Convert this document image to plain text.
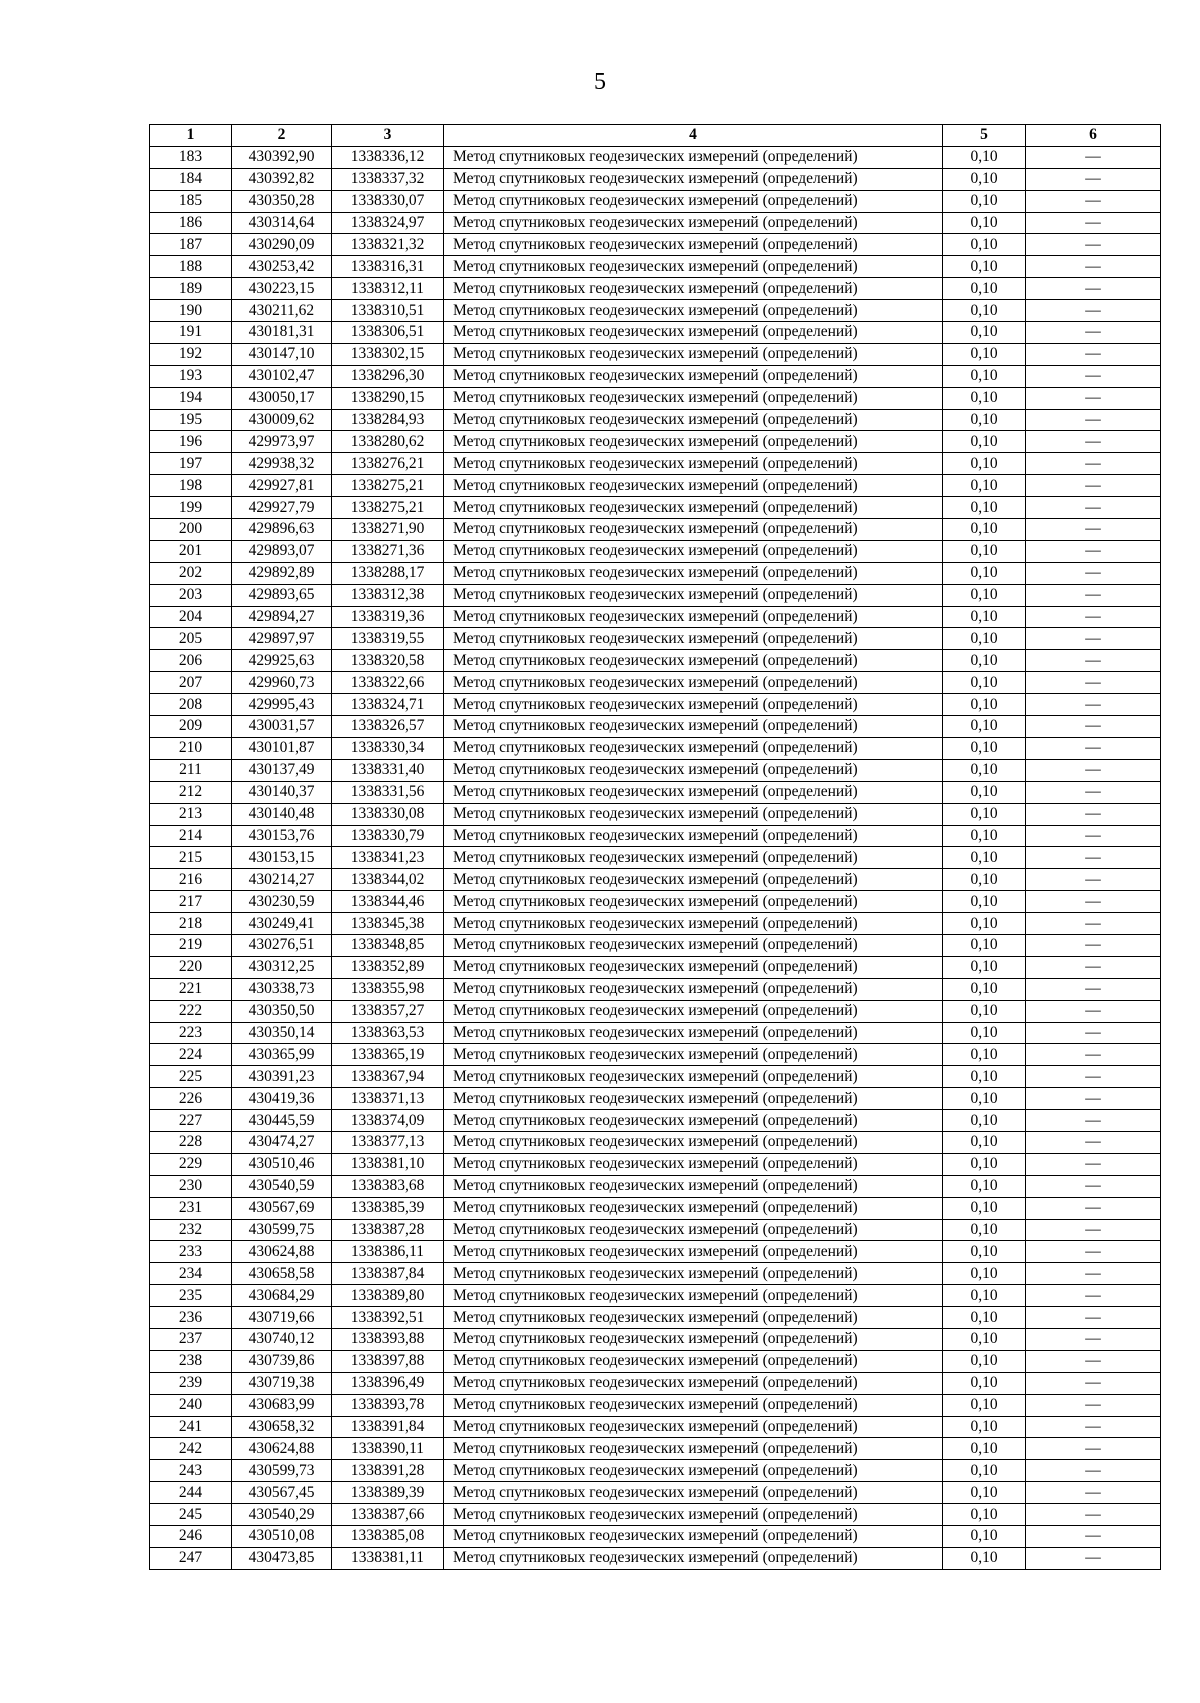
5
1	2	3	4	5	6
183	430392,90	1338336,12	Метод спутниковых геодезических измерений (определений)	0,10	—
184	430392,82	1338337,32	Метод спутниковых геодезических измерений (определений)	0,10	—
185	430350,28	1338330,07	Метод спутниковых геодезических измерений (определений)	0,10	—
186	430314,64	1338324,97	Метод спутниковых геодезических измерений (определений)	0,10	—
187	430290,09	1338321,32	Метод спутниковых геодезических измерений (определений)	0,10	—
188	430253,42	1338316,31	Метод спутниковых геодезических измерений (определений)	0,10	—
189	430223,15	1338312,11	Метод спутниковых геодезических измерений (определений)	0,10	—
190	430211,62	1338310,51	Метод спутниковых геодезических измерений (определений)	0,10	—
191	430181,31	1338306,51	Метод спутниковых геодезических измерений (определений)	0,10	—
192	430147,10	1338302,15	Метод спутниковых геодезических измерений (определений)	0,10	—
193	430102,47	1338296,30	Метод спутниковых геодезических измерений (определений)	0,10	—
194	430050,17	1338290,15	Метод спутниковых геодезических измерений (определений)	0,10	—
195	430009,62	1338284,93	Метод спутниковых геодезических измерений (определений)	0,10	—
196	429973,97	1338280,62	Метод спутниковых геодезических измерений (определений)	0,10	—
197	429938,32	1338276,21	Метод спутниковых геодезических измерений (определений)	0,10	—
198	429927,81	1338275,21	Метод спутниковых геодезических измерений (определений)	0,10	—
199	429927,79	1338275,21	Метод спутниковых геодезических измерений (определений)	0,10	—
200	429896,63	1338271,90	Метод спутниковых геодезических измерений (определений)	0,10	—
201	429893,07	1338271,36	Метод спутниковых геодезических измерений (определений)	0,10	—
202	429892,89	1338288,17	Метод спутниковых геодезических измерений (определений)	0,10	—
203	429893,65	1338312,38	Метод спутниковых геодезических измерений (определений)	0,10	—
204	429894,27	1338319,36	Метод спутниковых геодезических измерений (определений)	0,10	—
205	429897,97	1338319,55	Метод спутниковых геодезических измерений (определений)	0,10	—
206	429925,63	1338320,58	Метод спутниковых геодезических измерений (определений)	0,10	—
207	429960,73	1338322,66	Метод спутниковых геодезических измерений (определений)	0,10	—
208	429995,43	1338324,71	Метод спутниковых геодезических измерений (определений)	0,10	—
209	430031,57	1338326,57	Метод спутниковых геодезических измерений (определений)	0,10	—
210	430101,87	1338330,34	Метод спутниковых геодезических измерений (определений)	0,10	—
211	430137,49	1338331,40	Метод спутниковых геодезических измерений (определений)	0,10	—
212	430140,37	1338331,56	Метод спутниковых геодезических измерений (определений)	0,10	—
213	430140,48	1338330,08	Метод спутниковых геодезических измерений (определений)	0,10	—
214	430153,76	1338330,79	Метод спутниковых геодезических измерений (определений)	0,10	—
215	430153,15	1338341,23	Метод спутниковых геодезических измерений (определений)	0,10	—
216	430214,27	1338344,02	Метод спутниковых геодезических измерений (определений)	0,10	—
217	430230,59	1338344,46	Метод спутниковых геодезических измерений (определений)	0,10	—
218	430249,41	1338345,38	Метод спутниковых геодезических измерений (определений)	0,10	—
219	430276,51	1338348,85	Метод спутниковых геодезических измерений (определений)	0,10	—
220	430312,25	1338352,89	Метод спутниковых геодезических измерений (определений)	0,10	—
221	430338,73	1338355,98	Метод спутниковых геодезических измерений (определений)	0,10	—
222	430350,50	1338357,27	Метод спутниковых геодезических измерений (определений)	0,10	—
223	430350,14	1338363,53	Метод спутниковых геодезических измерений (определений)	0,10	—
224	430365,99	1338365,19	Метод спутниковых геодезических измерений (определений)	0,10	—
225	430391,23	1338367,94	Метод спутниковых геодезических измерений (определений)	0,10	—
226	430419,36	1338371,13	Метод спутниковых геодезических измерений (определений)	0,10	—
227	430445,59	1338374,09	Метод спутниковых геодезических измерений (определений)	0,10	—
228	430474,27	1338377,13	Метод спутниковых геодезических измерений (определений)	0,10	—
229	430510,46	1338381,10	Метод спутниковых геодезических измерений (определений)	0,10	—
230	430540,59	1338383,68	Метод спутниковых геодезических измерений (определений)	0,10	—
231	430567,69	1338385,39	Метод спутниковых геодезических измерений (определений)	0,10	—
232	430599,75	1338387,28	Метод спутниковых геодезических измерений (определений)	0,10	—
233	430624,88	1338386,11	Метод спутниковых геодезических измерений (определений)	0,10	—
234	430658,58	1338387,84	Метод спутниковых геодезических измерений (определений)	0,10	—
235	430684,29	1338389,80	Метод спутниковых геодезических измерений (определений)	0,10	—
236	430719,66	1338392,51	Метод спутниковых геодезических измерений (определений)	0,10	—
237	430740,12	1338393,88	Метод спутниковых геодезических измерений (определений)	0,10	—
238	430739,86	1338397,88	Метод спутниковых геодезических измерений (определений)	0,10	—
239	430719,38	1338396,49	Метод спутниковых геодезических измерений (определений)	0,10	—
240	430683,99	1338393,78	Метод спутниковых геодезических измерений (определений)	0,10	—
241	430658,32	1338391,84	Метод спутниковых геодезических измерений (определений)	0,10	—
242	430624,88	1338390,11	Метод спутниковых геодезических измерений (определений)	0,10	—
243	430599,73	1338391,28	Метод спутниковых геодезических измерений (определений)	0,10	—
244	430567,45	1338389,39	Метод спутниковых геодезических измерений (определений)	0,10	—
245	430540,29	1338387,66	Метод спутниковых геодезических измерений (определений)	0,10	—
246	430510,08	1338385,08	Метод спутниковых геодезических измерений (определений)	0,10	—
247	430473,85	1338381,11	Метод спутниковых геодезических измерений (определений)	0,10	—
